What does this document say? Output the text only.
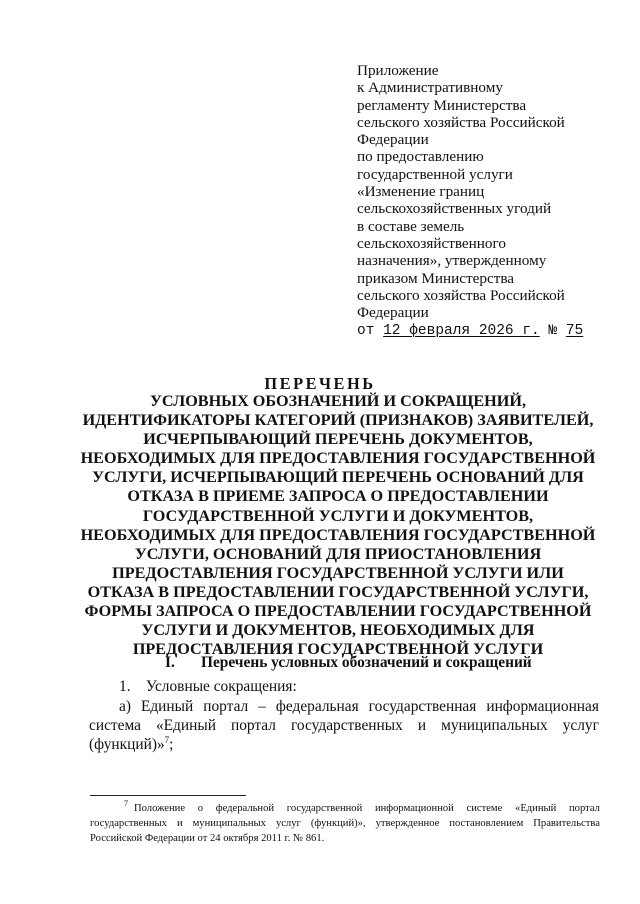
Приложение
к Административному
регламенту Министерства
сельского хозяйства Российской
Федерации
по предоставлению
государственной услуги
«Изменение границ
сельскохозяйственных угодий
в составе земель
сельскохозяйственного
назначения», утвержденному
приказом Министерства
сельского хозяйства Российской
Федерации
от 12 февраля 2026 г. № 75
ПЕРЕЧЕНЬ
УСЛОВНЫХ ОБОЗНАЧЕНИЙ И СОКРАЩЕНИЙ,
ИДЕНТИФИКАТОРЫ КАТЕГОРИЙ (ПРИЗНАКОВ) ЗАЯВИТЕЛЕЙ,
ИСЧЕРПЫВАЮЩИЙ ПЕРЕЧЕНЬ ДОКУМЕНТОВ,
НЕОБХОДИМЫХ ДЛЯ ПРЕДОСТАВЛЕНИЯ ГОСУДАРСТВЕННОЙ
УСЛУГИ, ИСЧЕРПЫВАЮЩИЙ ПЕРЕЧЕНЬ ОСНОВАНИЙ ДЛЯ
ОТКАЗА В ПРИЕМЕ ЗАПРОСА О ПРЕДОСТАВЛЕНИИ
ГОСУДАРСТВЕННОЙ УСЛУГИ И ДОКУМЕНТОВ,
НЕОБХОДИМЫХ ДЛЯ ПРЕДОСТАВЛЕНИЯ ГОСУДАРСТВЕННОЙ
УСЛУГИ, ОСНОВАНИЙ ДЛЯ ПРИОСТАНОВЛЕНИЯ
ПРЕДОСТАВЛЕНИЯ ГОСУДАРСТВЕННОЙ УСЛУГИ ИЛИ
ОТКАЗА В ПРЕДОСТАВЛЕНИИ ГОСУДАРСТВЕННОЙ УСЛУГИ,
ФОРМЫ ЗАПРОСА О ПРЕДОСТАВЛЕНИИ ГОСУДАРСТВЕННОЙ
УСЛУГИ И ДОКУМЕНТОВ, НЕОБХОДИМЫХ ДЛЯ
ПРЕДОСТАВЛЕНИЯ ГОСУДАРСТВЕННОЙ УСЛУГИ
I. Перечень условных обозначений и сокращений
1.    Условные сокращения:
а) Единый портал – федеральная государственная информационная
система «Единый портал государственных и муниципальных услуг
(функций)»$^7$;
7 Положение о федеральной государственной информационной системе «Единый портал
государственных и муниципальных услуг (функций)», утвержденное постановлением Правительства
Российской Федерации от 24 октября 2011 г. № 861.
